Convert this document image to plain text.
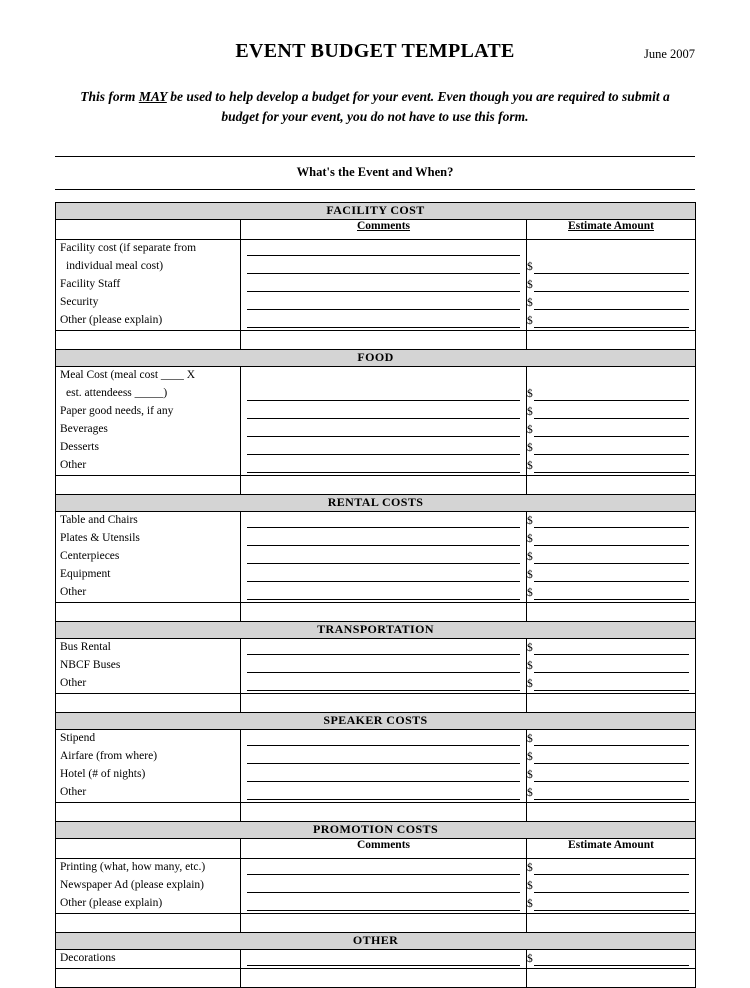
EVENT BUDGET TEMPLATE	June 2007
This form MAY be used to help develop a budget for your event. Even though you are required to submit a budget for your event, you do not have to use this form.
What's the Event and When?
FACILITY COST		

	Comments	Estimate Amount

Facility cost (if separate from	

individual meal cost)		$

Facility Staff		$

Security		$

Other (please explain)		$

FOOD		
Meal Cost (meal cost ____ X		
est. attendeess _____)		$

Paper good needs, if any		$

Beverages		$

Desserts		$

Other		$

RENTAL COSTS		
Table and Chairs		$

Plates & Utensils		$

Centerpieces		$

Equipment		$

Other		$

TRANSPORTATION		
Bus Rental		$

NBCF Buses		$

Other		$

SPEAKER COSTS		
Stipend		$

Airfare (from where)		$

Hotel (# of nights)		$

Other		$

PROMOTION COSTS		

	Comments	Estimate Amount

Printing (what, how many, etc.)		$

Newspaper Ad (please explain)		$

Other (please explain)		$

OTHER		
Decorations		$
